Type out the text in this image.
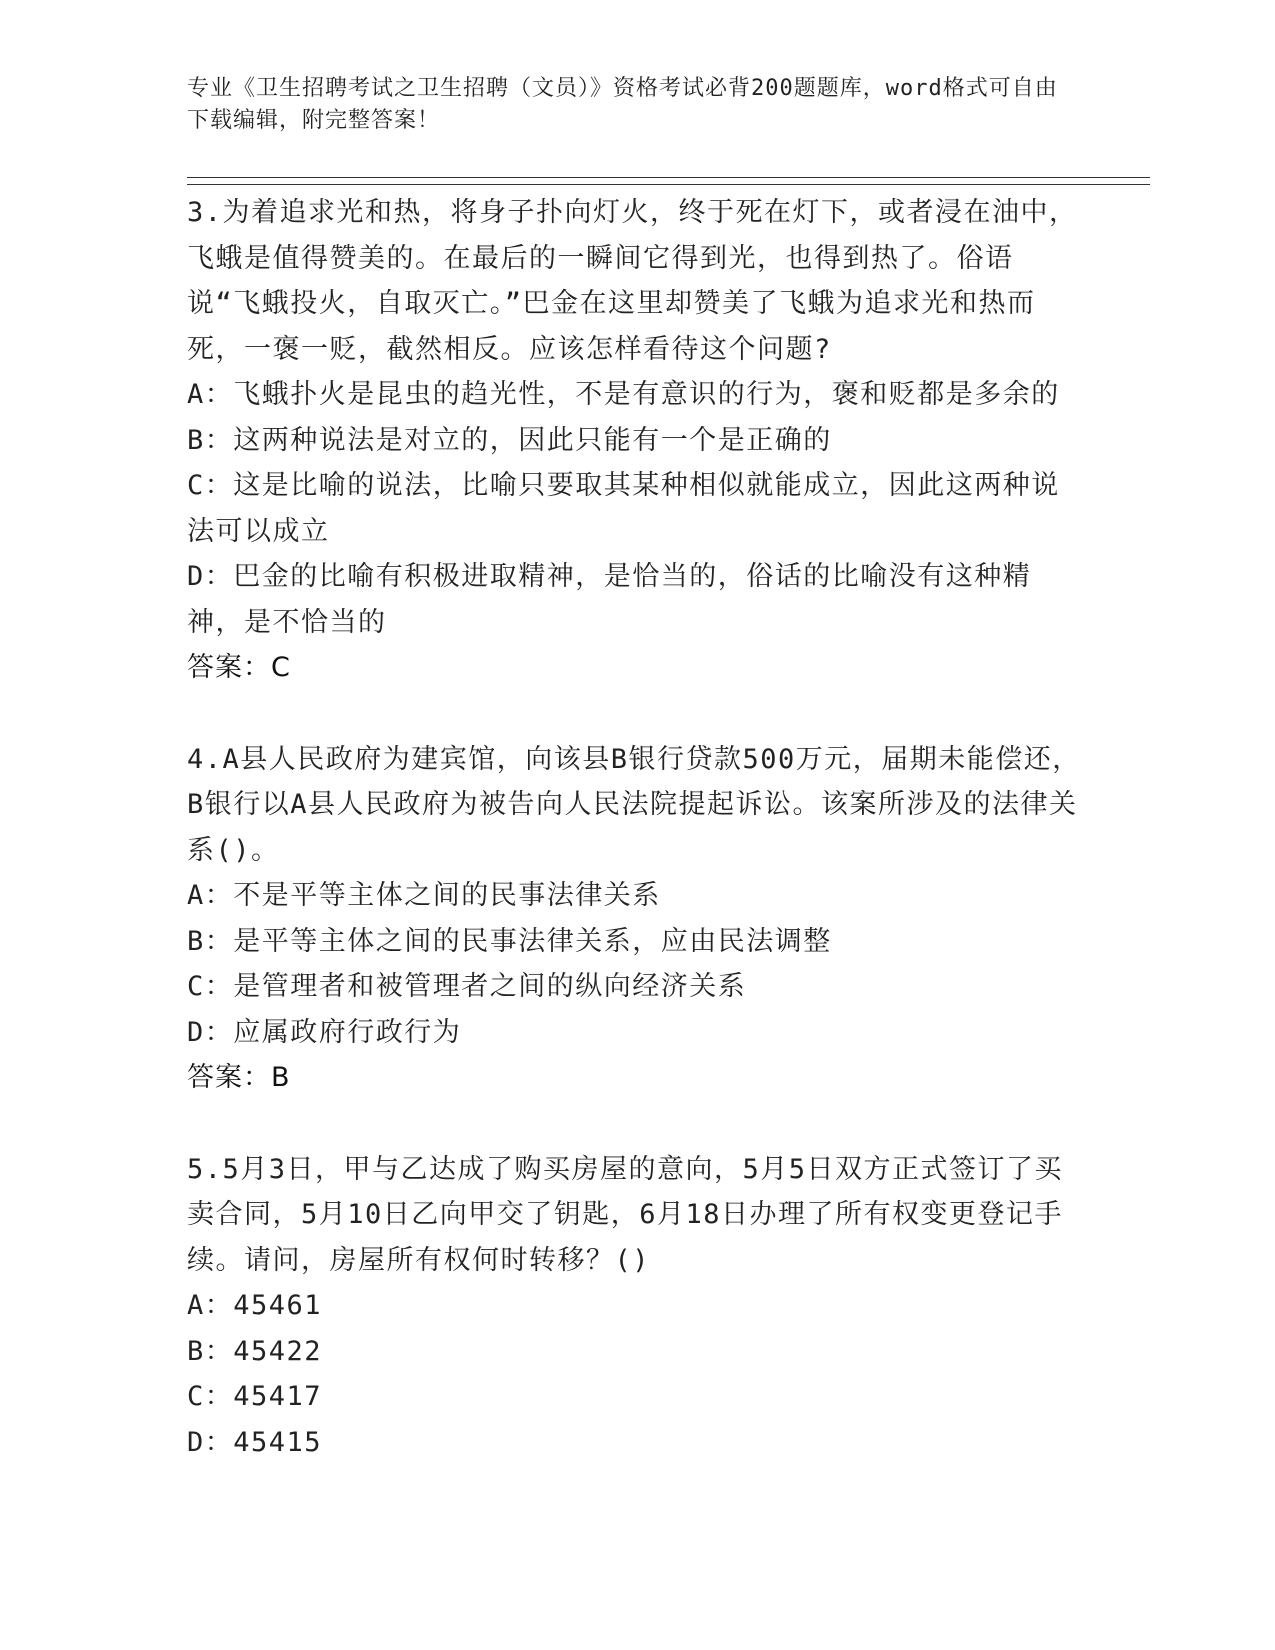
专业《卫生招聘考试之卫生招聘（文员）》资格考试必背200题题库，word格式可自由下载编辑，附完整答案！

3.为着追求光和热，将身子扑向灯火，终于死在灯下，或者浸在油中，飞蛾是值得赞美的。在最后的一瞬间它得到光，也得到热了。俗语说“飞蛾投火，自取灭亡。”巴金在这里却赞美了飞蛾为追求光和热而死，一褒一贬，截然相反。应该怎样看待这个问题?

A：飞蛾扑火是昆虫的趋光性，不是有意识的行为，褒和贬都是多余的

B：这两种说法是对立的，因此只能有一个是正确的

C：这是比喻的说法，比喻只要取其某种相似就能成立，因此这两种说法可以成立

D：巴金的比喻有积极进取精神，是恰当的，俗话的比喻没有这种精神，是不恰当的

答案：C

4.A县人民政府为建宾馆，向该县B银行贷款500万元，届期未能偿还，B银行以A县人民政府为被告向人民法院提起诉讼。该案所涉及的法律关系()。

A：不是平等主体之间的民事法律关系

B：是平等主体之间的民事法律关系，应由民法调整

C：是管理者和被管理者之间的纵向经济关系

D：应属政府行政行为

答案：B

5.5月3日，甲与乙达成了购买房屋的意向，5月5日双方正式签订了买卖合同，5月10日乙向甲交了钥匙，6月18日办理了所有权变更登记手续。请问，房屋所有权何时转移？()

A：45461

B：45422

C：45417

D：45415
